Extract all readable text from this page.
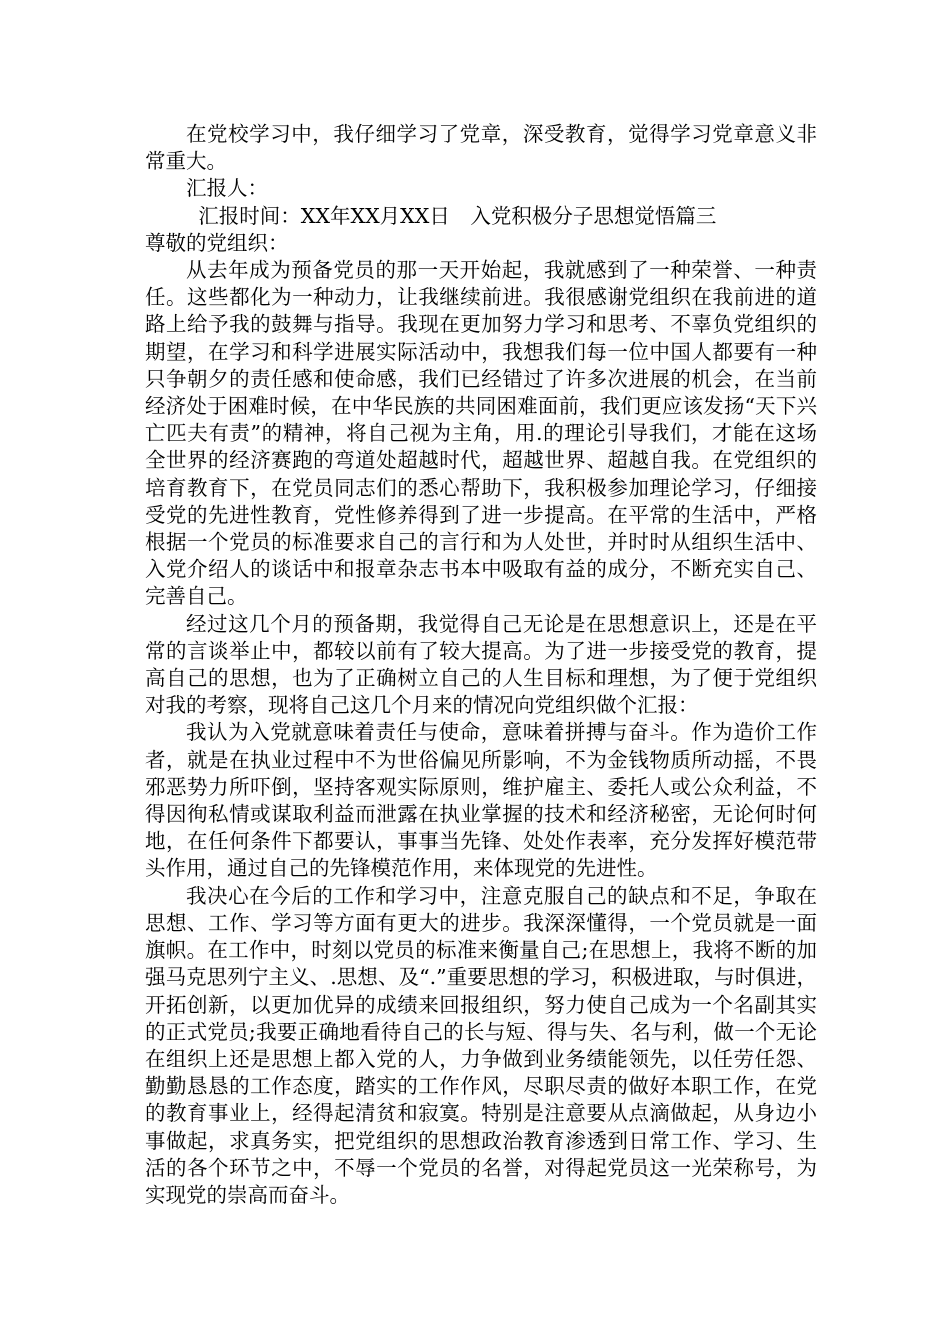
在党校学习中，我仔细学习了党章，深受教育，觉得学习党章意义非常重大。

汇报人：

汇报时间：XX年XX月XX日　入党积极分子思想觉悟篇三

尊敬的党组织：

从去年成为预备党员的那一天开始起，我就感到了一种荣誉、一种责任。这些都化为一种动力，让我继续前进。我很感谢党组织在我前进的道路上给予我的鼓舞与指导。我现在更加努力学习和思考、不辜负党组织的期望，在学习和科学进展实际活动中，我想我们每一位中国人都要有一种只争朝夕的责任感和使命感，我们已经错过了许多次进展的机会，在当前经济处于困难时候，在中华民族的共同困难面前，我们更应该发扬“天下兴亡匹夫有责”的精神，将自己视为主角，用.的理论引导我们，才能在这场全世界的经济赛跑的弯道处超越时代，超越世界、超越自我。在党组织的培育教育下，在党员同志们的悉心帮助下，我积极参加理论学习，仔细接受党的先进性教育，党性修养得到了进一步提高。在平常的生活中，严格根据一个党员的标准要求自己的言行和为人处世，并时时从组织生活中、入党介绍人的谈话中和报章杂志书本中吸取有益的成分，不断充实自己、完善自己。

经过这几个月的预备期，我觉得自己无论是在思想意识上，还是在平常的言谈举止中，都较以前有了较大提高。为了进一步接受党的教育，提高自己的思想，也为了正确树立自己的人生目标和理想，为了便于党组织对我的考察，现将自己这几个月来的情况向党组织做个汇报：

我认为入党就意味着责任与使命，意味着拼搏与奋斗。作为造价工作者，就是在执业过程中不为世俗偏见所影响，不为金钱物质所动摇，不畏邪恶势力所吓倒，坚持客观实际原则，维护雇主、委托人或公众利益，不得因徇私情或谋取利益而泄露在执业掌握的技术和经济秘密，无论何时何地，在任何条件下都要认，事事当先锋、处处作表率，充分发挥好模范带头作用，通过自己的先锋模范作用，来体现党的先进性。

我决心在今后的工作和学习中，注意克服自己的缺点和不足，争取在思想、工作、学习等方面有更大的进步。我深深懂得，一个党员就是一面旗帜。在工作中，时刻以党员的标准来衡量自己;在思想上，我将不断的加强马克思列宁主义、.思想、及“.”重要思想的学习，积极进取，与时俱进，开拓创新，以更加优异的成绩来回报组织，努力使自己成为一个名副其实的正式党员;我要正确地看待自己的长与短、得与失、名与利，做一个无论在组织上还是思想上都入党的人，力争做到业务绩能领先，以任劳任怨、勤勤恳恳的工作态度，踏实的工作作风，尽职尽责的做好本职工作，在党的教育事业上，经得起清贫和寂寞。特别是注意要从点滴做起，从身边小事做起，求真务实，把党组织的思想政治教育渗透到日常工作、学习、生活的各个环节之中，不辱一个党员的名誉，对得起党员这一光荣称号，为实现党的崇高而奋斗。
